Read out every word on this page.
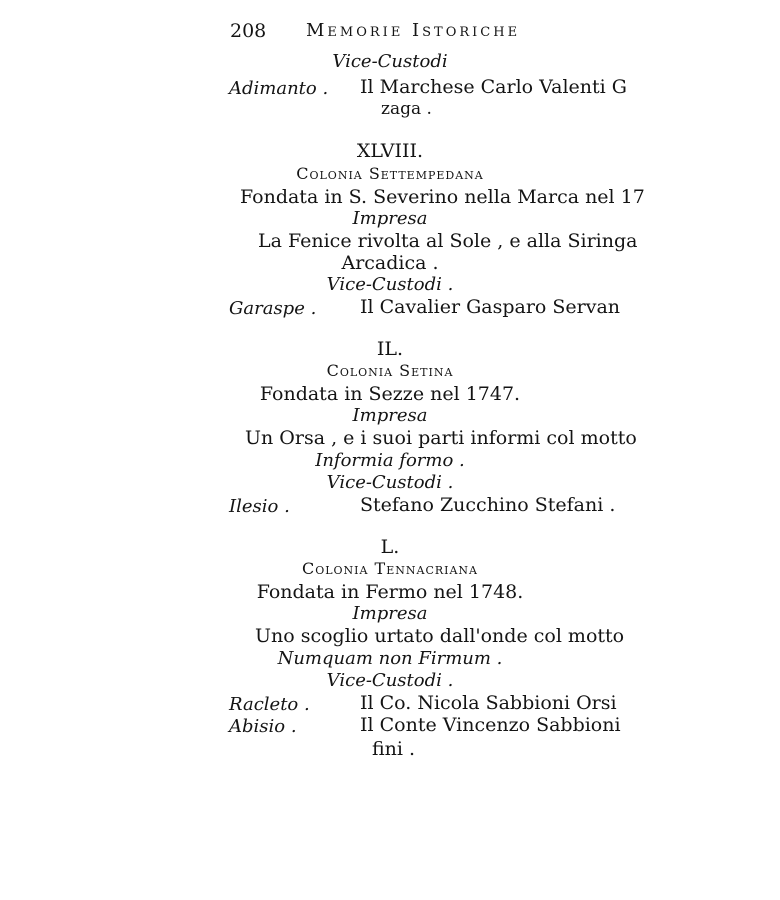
208 Memorie Istoriche
Vice-Custodi
Adimanto . Il Marchese Carlo Valenti G
zaga .
XLVIII.
Colonia Settempedana
Fondata in S. Severino nella Marca nel 17
Impresa
La Fenice rivolta al Sole , e alla Siringa
Arcadica .
Vice-Custodi .
Garaspe . Il Cavalier Gasparo Servan
IL.
Colonia Setina
Fondata in Sezze nel 1747.
Impresa
Un Orsa , e i suoi parti informi col motto
Informia formo .
Vice-Custodi .
Ilesio .	Stefano Zucchino Stefani .
L.
Colonia Tennacriana
Fondata in Fermo nel 1748.
Impresa
Uno scoglio urtato dall'onde col motto
Numquam non Firmum .
Vice-Custodi .
Racleto .	Il Co. Nicola Sabbioni Orsi
Abisio .	Il Conte Vincenzo Sabbioni
fini .
